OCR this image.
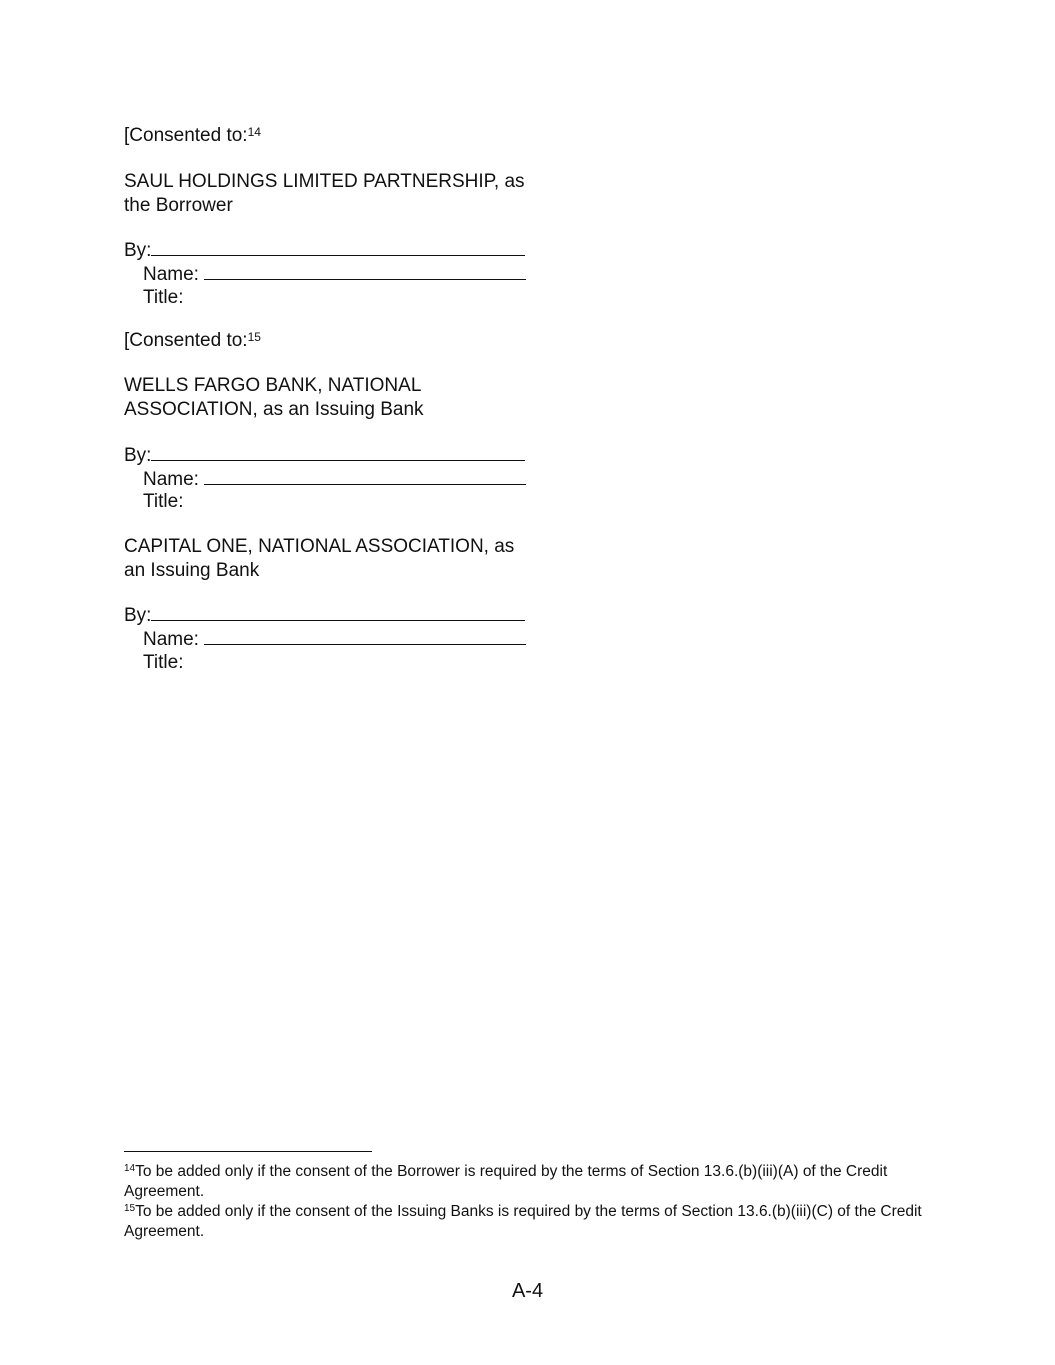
[Consented to:$^{14}$
SAUL HOLDINGS LIMITED PARTNERSHIP, as
the Borrower
By:
Name:
Title:
[Consented to:$^{15}$
WELLS FARGO BANK, NATIONAL
ASSOCIATION, as an Issuing Bank
By:
Name:
Title:
CAPITAL ONE, NATIONAL ASSOCIATION, as
an Issuing Bank
By:
Name:
Title:
$^{14}$To be added only if the consent of the Borrower is required by the terms of Section 13.6.(b)(iii)(A) of the Credit Agreement.
$^{15}$To be added only if the consent of the Issuing Banks is required by the terms of Section 13.6.(b)(iii)(C) of the Credit Agreement.
A-4
